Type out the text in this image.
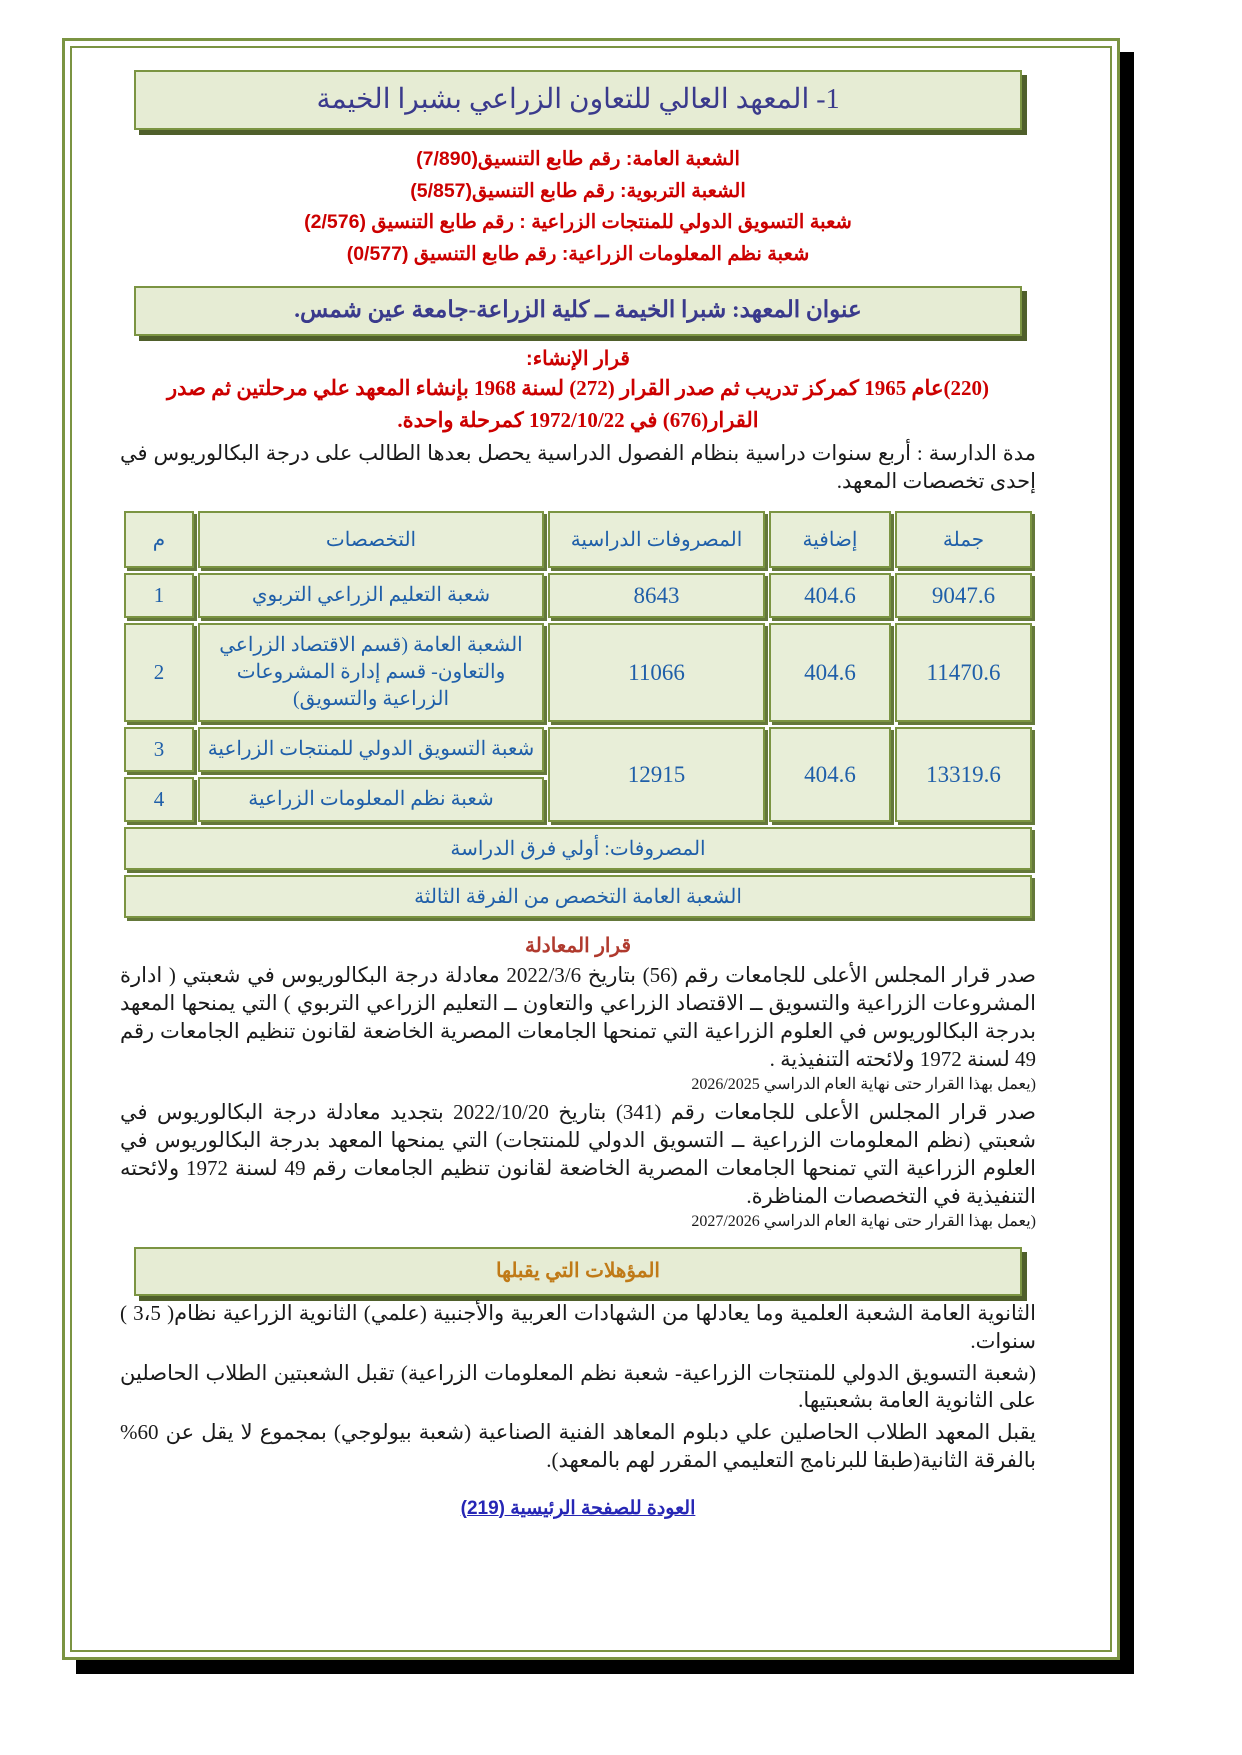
1- المعهد العالي للتعاون الزراعي بشبرا الخيمة
الشعبة العامة: رقم طابع التنسيق(7/890)
الشعبة التربوية: رقم طابع التنسيق(5/857)
شعبة التسويق الدولي للمنتجات الزراعية : رقم طابع التنسيق (2/576)
شعبة نظم المعلومات الزراعية: رقم طابع التنسيق (0/577)
عنوان المعهد: شبرا الخيمة ــ كلية الزراعة-جامعة عين شمس.
قرار الإنشاء:
(220)عام 1965 كمركز تدريب ثم صدر القرار (272) لسنة 1968 بإنشاء المعهد علي مرحلتين ثم صدر القرار(676) في 1972/10/22 كمرحلة واحدة.
مدة الدارسة : أربع سنوات دراسية بنظام الفصول الدراسية يحصل بعدها الطالب على درجة البكالوريوس في إحدى تخصصات المعهد.
جملة	إضافية	المصروفات الدراسية	التخصصات	م
9047.6	404.6	8643	شعبة التعليم الزراعي التربوي	1
11470.6	404.6	11066	الشعبة العامة (قسم الاقتصاد الزراعي والتعاون- قسم إدارة المشروعات الزراعية والتسويق)	2
13319.6	404.6	12915	شعبة التسويق الدولي للمنتجات الزراعية	3
			شعبة نظم المعلومات الزراعية	4
المصروفات: أولي فرق الدراسة				
الشعبة العامة التخصص من الفرقة الثالثة				
قرار المعادلة
صدر قرار المجلس الأعلى للجامعات رقم (56) بتاريخ 2022/3/6 معادلة درجة البكالوريوس في شعبتي ( ادارة المشروعات الزراعية والتسويق ــ الاقتصاد الزراعي والتعاون ــ التعليم الزراعي التربوي ) التي يمنحها المعهد بدرجة البكالوريوس في العلوم الزراعية التي تمنحها الجامعات المصرية الخاضعة لقانون تنظيم الجامعات رقم 49 لسنة 1972 ولائحته التنفيذية .
(يعمل بهذا القرار حتى نهاية العام الدراسي 2026/2025
صدر قرار المجلس الأعلى للجامعات رقم (341) بتاريخ 2022/10/20 بتجديد معادلة درجة البكالوريوس في شعبتي (نظم المعلومات الزراعية ــ التسويق الدولي للمنتجات) التي يمنحها المعهد بدرجة البكالوريوس في العلوم الزراعية التي تمنحها الجامعات المصرية الخاضعة لقانون تنظيم الجامعات رقم 49 لسنة 1972 ولائحته التنفيذية في التخصصات المناظرة.
(يعمل بهذا القرار حتى نهاية العام الدراسي 2027/2026
المؤهلات التي يقبلها
الثانوية العامة الشعبة العلمية وما يعادلها من الشهادات العربية والأجنبية (علمي) الثانوية الزراعية نظام( 3،5 ) سنوات.
(شعبة التسويق الدولي للمنتجات الزراعية- شعبة نظم المعلومات الزراعية) تقبل الشعبتين الطلاب الحاصلين على الثانوية العامة بشعبتيها.
يقبل المعهد الطلاب الحاصلين علي دبلوم المعاهد الفنية الصناعية (شعبة بيولوجي) بمجموع لا يقل عن 60% بالفرقة الثانية(طبقا للبرنامج التعليمي المقرر لهم بالمعهد).
العودة للصفحة الرئيسية (219)
